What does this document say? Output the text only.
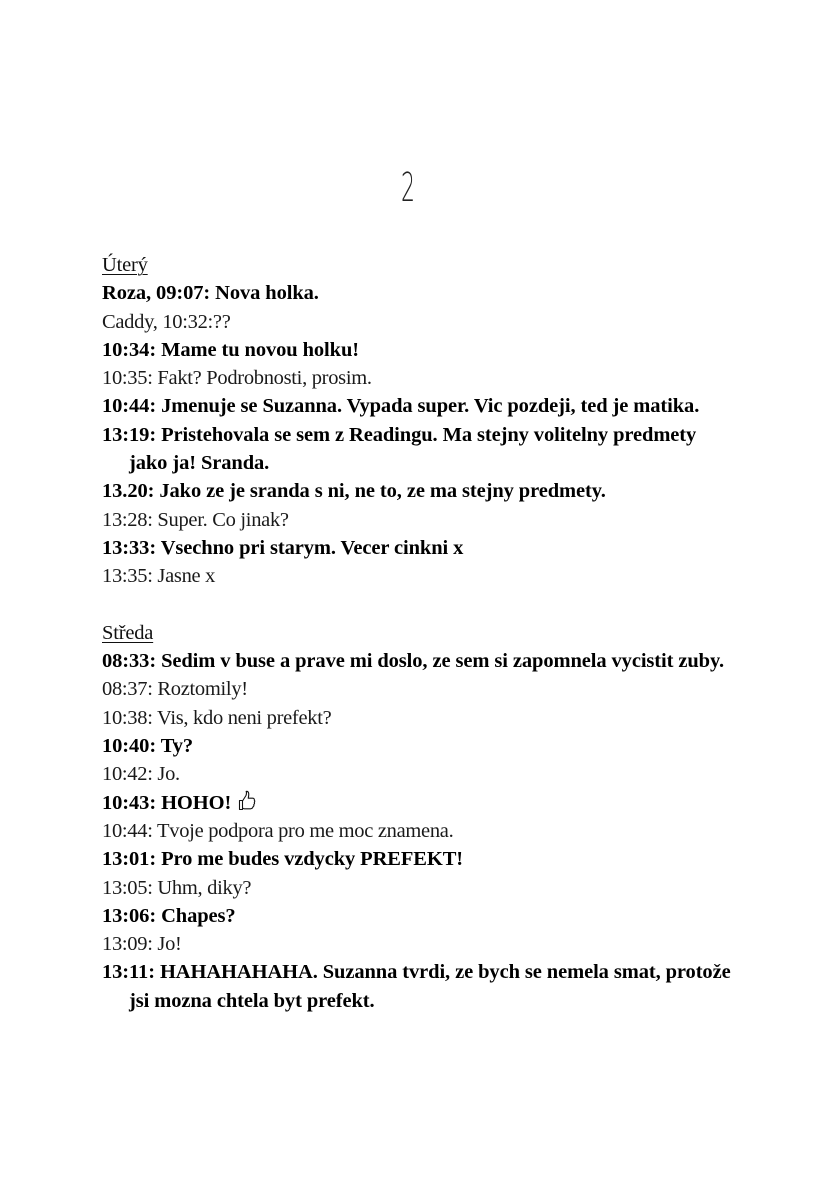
2
Úterý
Roza, 09:07: Nova holka.
Caddy, 10:32:??
10:34: Mame tu novou holku!
10:35: Fakt? Podrobnosti, prosim.
10:44: Jmenuje se Suzanna. Vypada super. Vic pozdeji, ted je matika.
13:19: Pristehovala se sem z Readingu. Ma stejny volitelny predmety jako ja! Sranda.
13.20: Jako ze je sranda s ni, ne to, ze ma stejny predmety.
13:28: Super. Co jinak?
13:33: Vsechno pri starym. Vecer cinkni x
13:35: Jasne x
Středa
08:33: Sedim v buse a prave mi doslo, ze sem si zapomnela vycistit zuby.
08:37: Roztomily!
10:38: Vis, kdo neni prefekt?
10:40: Ty?
10:42: Jo.
10:43: HOHO!
10:44: Tvoje podpora pro me moc znamena.
13:01: Pro me budes vzdycky PREFEKT!
13:05: Uhm, diky?
13:06: Chapes?
13:09: Jo!
13:11: HAHAHAHAHA. Suzanna tvrdi, ze bych se nemela smat, protože jsi mozna chtela byt prefekt.
